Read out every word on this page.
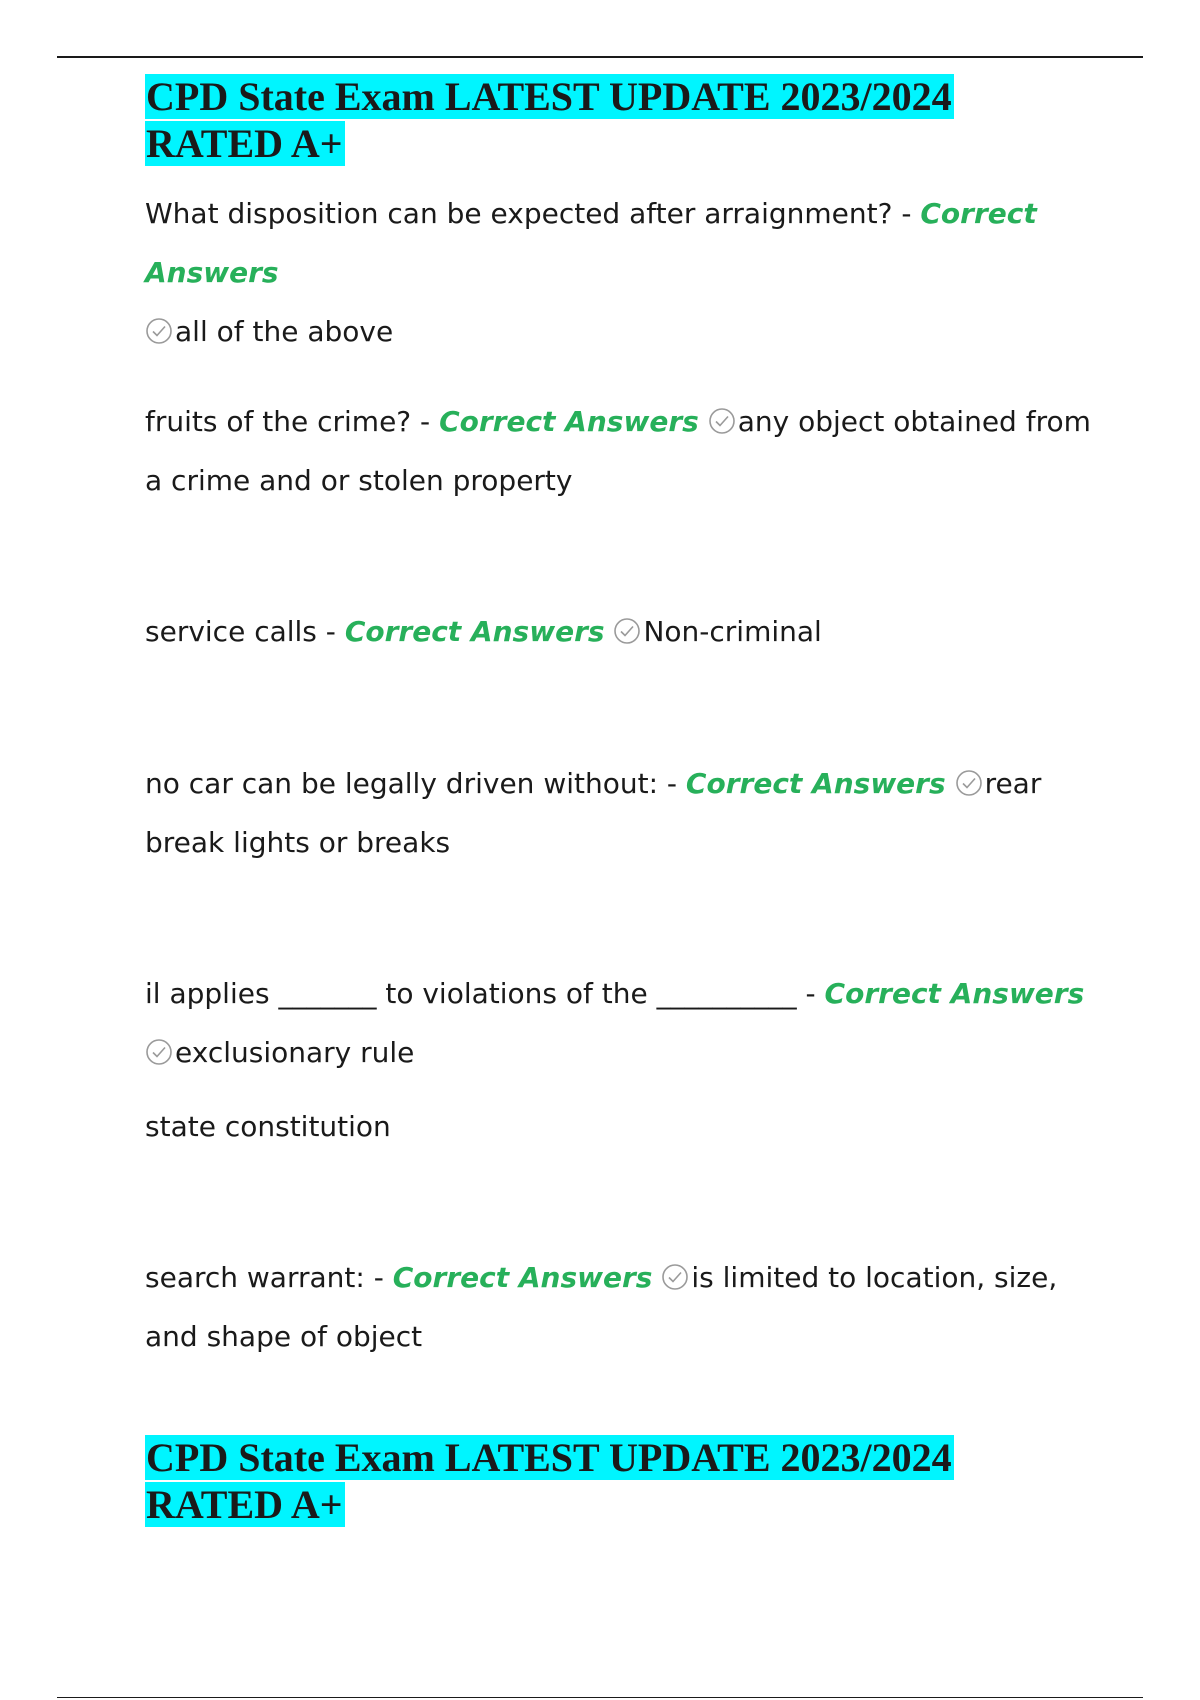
CPD State Exam LATEST UPDATE 2023/2024
RATED A+

What disposition can be expected after arraignment? - Correct Answers
all of the above

fruits of the crime? - Correct Answers any object obtained from a crime and or stolen property

service calls - Correct Answers Non-criminal

no car can be legally driven without: - Correct Answers rear break lights or breaks

il applies _______ to violations of the __________ - Correct Answers
exclusionary rule

state constitution

search warrant: - Correct Answers is limited to location, size, and shape of object

CPD State Exam LATEST UPDATE 2023/2024
RATED A+
